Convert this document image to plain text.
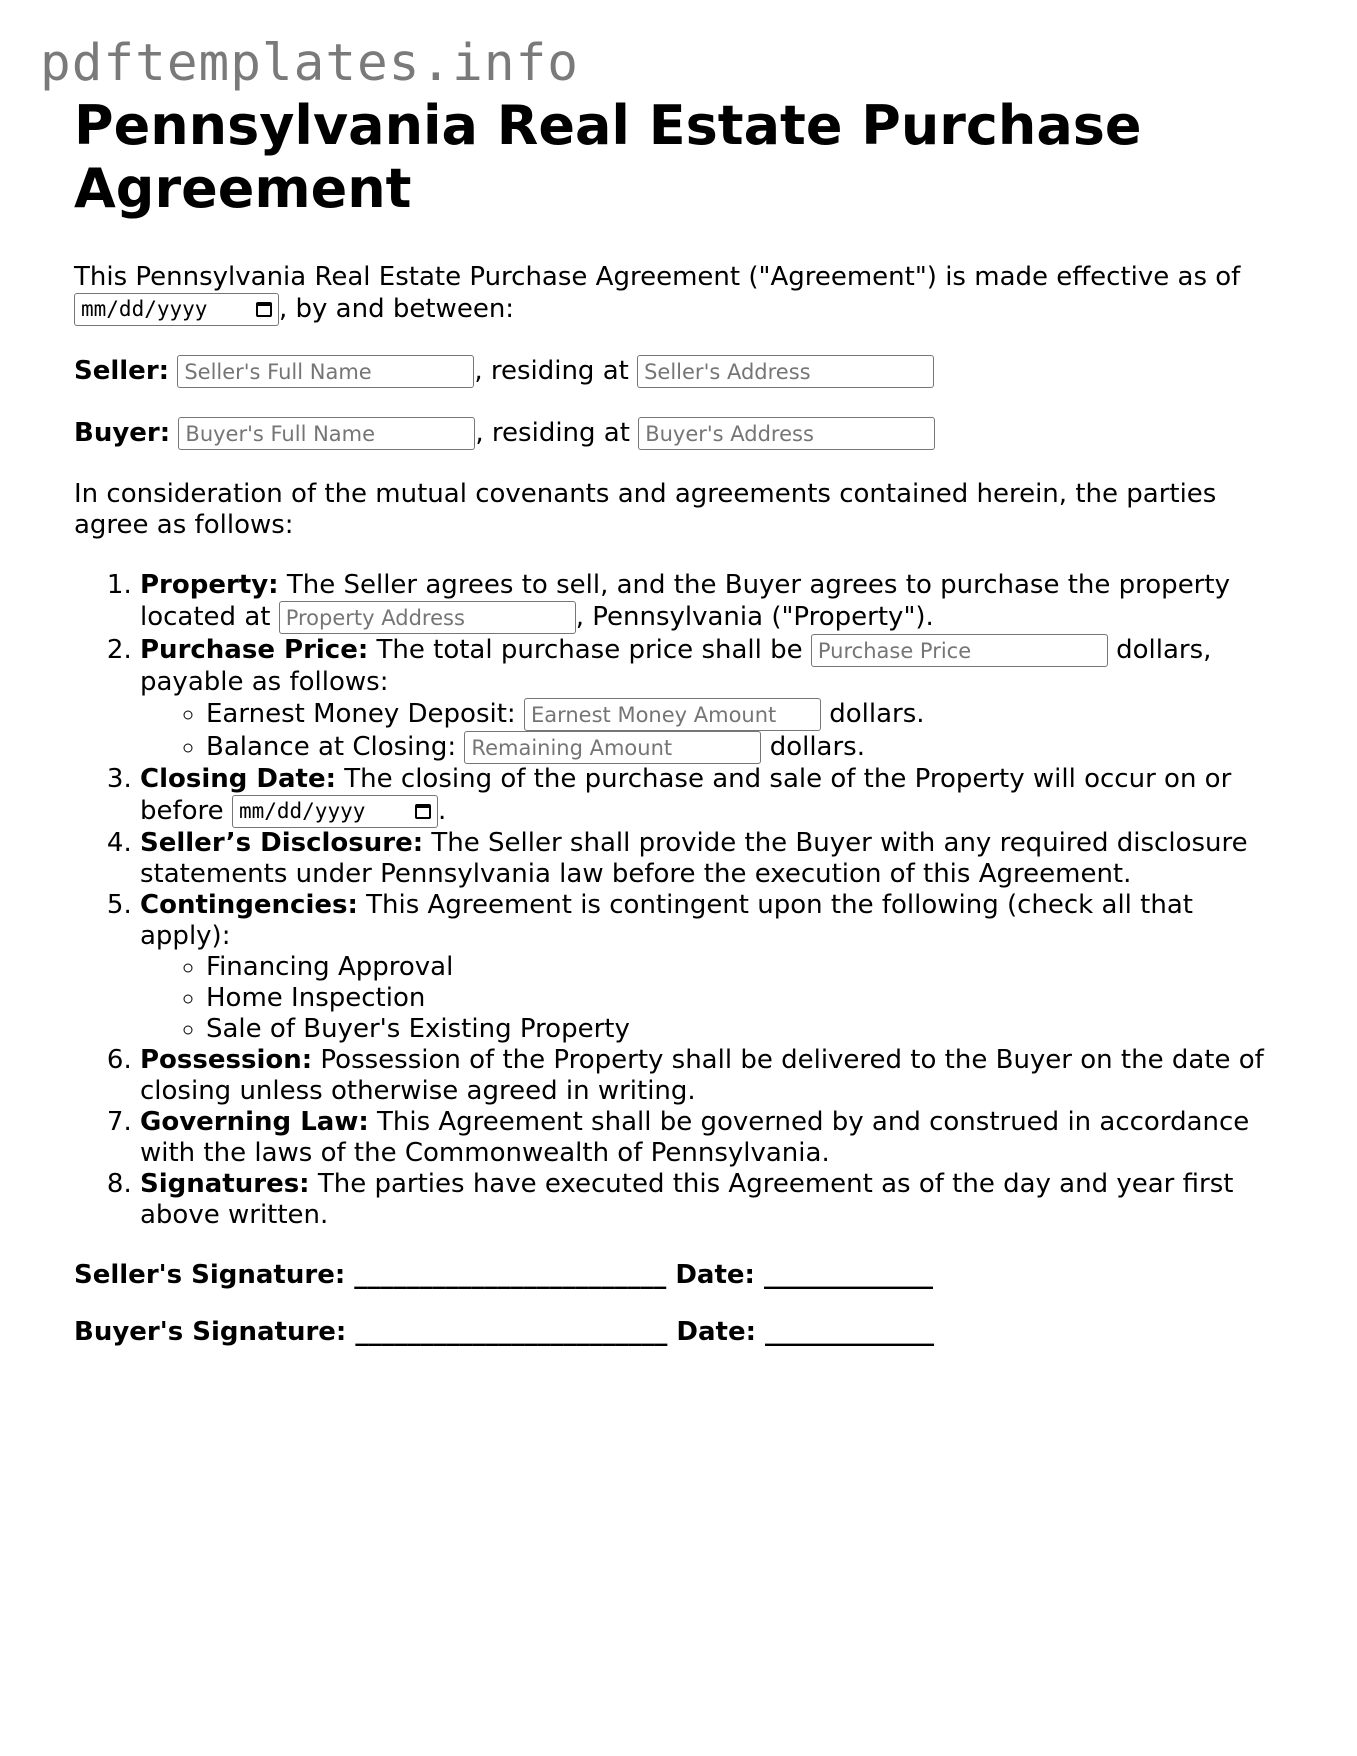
pdftemplates.info
Pennsylvania Real Estate Purchase Agreement

This Pennsylvania Real Estate Purchase Agreement ("Agreement") is made effective as of
mm/dd/yyyy	, by and between:

Seller: Seller's Full Name	, residing at Seller's Address

Buyer: Buyer's Full Name	, residing at Buyer's Address

In consideration of the mutual covenants and agreements contained herein, the parties agree as follows:

1. Property: The Seller agrees to sell, and the Buyer agrees to purchase the property located at Property Address	, Pennsylvania ("Property").
2. Purchase Price: The total purchase price shall be Purchase Price	dollars, payable as follows:
◦ Earnest Money Deposit: Earnest Money Amount	dollars.
◦ Balance at Closing: Remaining Amount	dollars.
3. Closing Date: The closing of the purchase and sale of the Property will occur on or before mm/dd/yyyy	.
4. Seller’s Disclosure: The Seller shall provide the Buyer with any required disclosure statements under Pennsylvania law before the execution of this Agreement.
5. Contingencies: This Agreement is contingent upon the following (check all that apply):
◦ Financing Approval
◦ Home Inspection
◦ Sale of Buyer's Existing Property
6. Possession: Possession of the Property shall be delivered to the Buyer on the date of closing unless otherwise agreed in writing.
7. Governing Law: This Agreement shall be governed by and construed in accordance with the laws of the Commonwealth of Pennsylvania.
8. Signatures: The parties have executed this Agreement as of the day and year first above written.

Seller's Signature: ________________________ Date: _____________

Buyer's Signature: ________________________ Date: _____________
